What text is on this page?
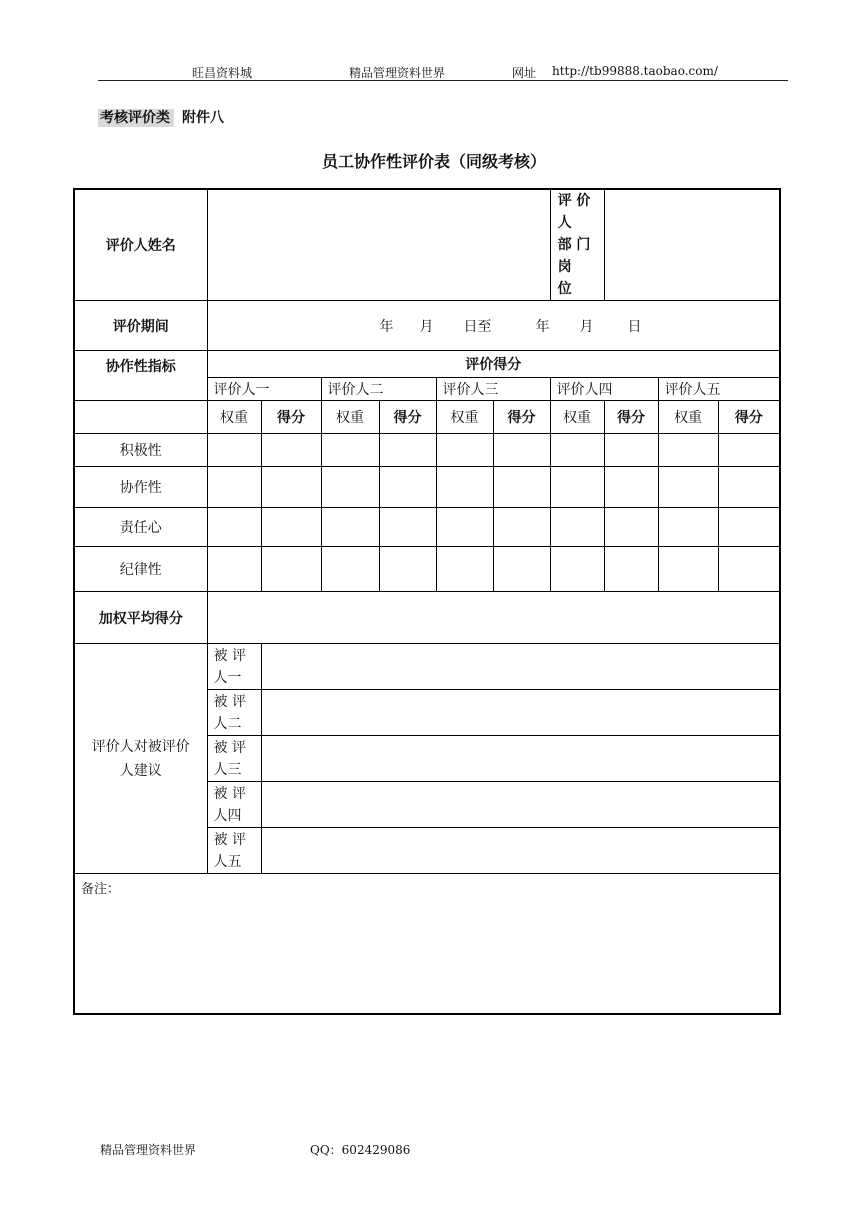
旺昌资料城	精品管理资料世界	网址 http://tb99888.taobao.com/
考核评价类 附件八
员工协作性评价表（同级考核）
评价人姓名							评 价 人
部 门 岗
位			

评价期间	年 月 日至 年 月 日									
协作性指标	评价得分									
	评价人一		评价人二		评价人三		评价人四		评价人五	
	权重	得分	权重	得分	权重	得分	权重	得分	权重	得分
积极性										
协作性										
责任心										
纪律性										
加权平均得分										
评价人对被评价人建议	被 评
人一									

	被 评
人二									

	被 评
人三									

	被 评
人四									

	被 评
人五									

备注：										
精品管理资料世界	QQ：602429086
